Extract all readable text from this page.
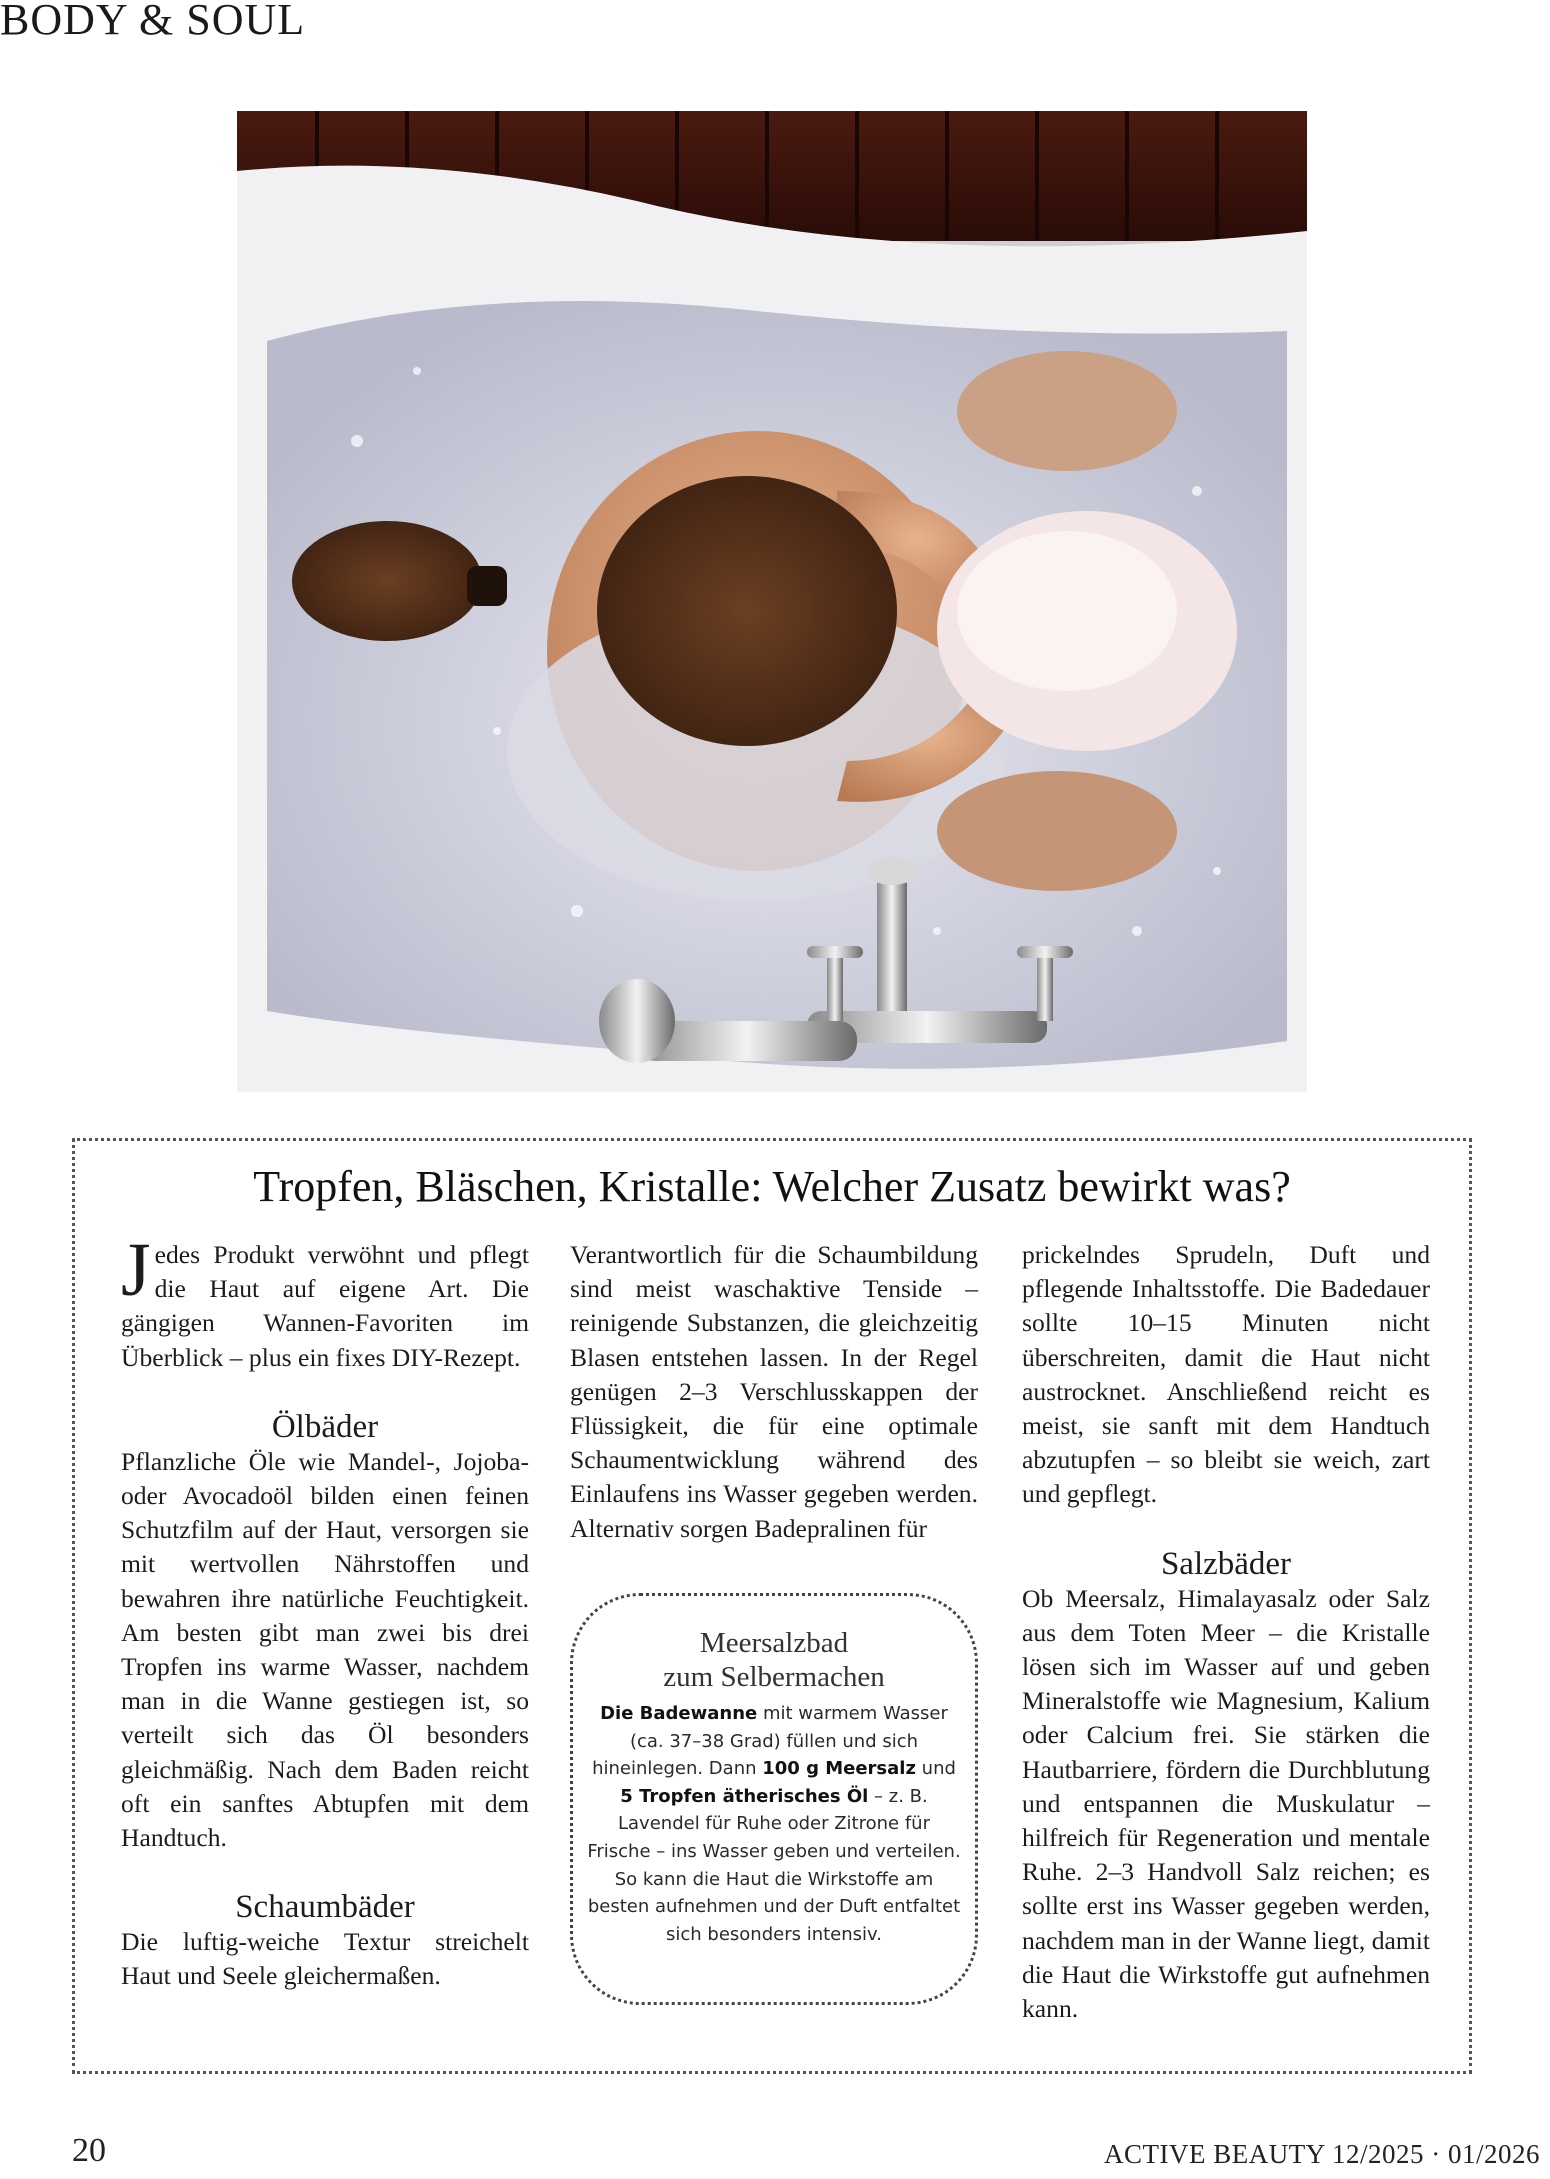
BODY & SOUL
Tropfen, Bläschen, Kristalle: Welcher Zusatz bewirkt was?

Jedes Produkt verwöhnt und pflegt die Haut auf eigene Art. Die gängigen Wannen-Favoriten im Überblick – plus ein fixes DIY-Rezept.

Ölbäder

Pflanzliche Öle wie Mandel-, Jojoba- oder Avocadoöl bilden einen feinen Schutzfilm auf der Haut, versorgen sie mit wertvollen Nährstoffen und bewahren ihre natürliche Feuchtigkeit. Am besten gibt man zwei bis drei Tropfen ins warme Wasser, nachdem man in die Wanne gestiegen ist, so verteilt sich das Öl besonders gleichmäßig. Nach dem Baden reicht oft ein sanftes Abtupfen mit dem Handtuch.

Schaumbäder

Die luftig-weiche Textur streichelt Haut und Seele gleichermaßen.

Verantwortlich für die Schaumbildung sind meist waschaktive Tenside – reinigende Substanzen, die gleichzeitig Blasen entstehen lassen. In der Regel genügen 2–3 Verschlusskappen der Flüssigkeit, die für eine optimale Schaumentwicklung während des Einlaufens ins Wasser gegeben werden. Alternativ sorgen Badepralinen für

Meersalzbad
zum Selbermachen
Die Badewanne mit warmem Wasser (ca. 37–38 Grad) füllen und sich hineinlegen. Dann 100 g Meersalz und 5 Tropfen ätherisches Öl – z. B. Lavendel für Ruhe oder Zitrone für Frische – ins Wasser geben und verteilen. So kann die Haut die Wirkstoffe am besten aufnehmen und der Duft entfaltet sich besonders intensiv.

prickelndes Sprudeln, Duft und pflegende Inhaltsstoffe. Die Badedauer sollte 10–15 Minuten nicht überschreiten, damit die Haut nicht austrocknet. Anschließend reicht es meist, sie sanft mit dem Handtuch abzutupfen – so bleibt sie weich, zart und gepflegt.

Salzbäder

Ob Meersalz, Himalayasalz oder Salz aus dem Toten Meer – die Kristalle lösen sich im Wasser auf und geben Mineralstoffe wie Magnesium, Kalium oder Calcium frei. Sie stärken die Hautbarriere, fördern die Durchblutung und entspannen die Muskulatur – hilfreich für Regeneration und mentale Ruhe. 2–3 Handvoll Salz reichen; es sollte erst ins Wasser gegeben werden, nachdem man in der Wanne liegt, damit die Haut die Wirkstoffe gut aufnehmen kann.

20	ACTIVE BEAUTY 12/2025 · 01/2026
